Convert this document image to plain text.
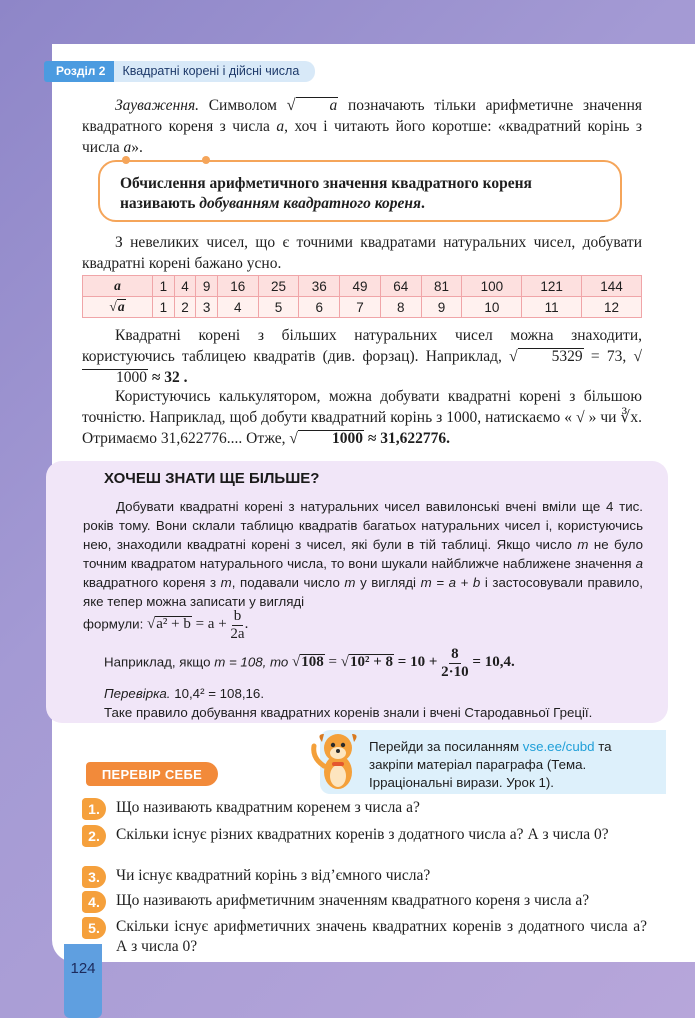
124
Розділ 2	Квадратні корені і дійсні числа
Зауваження. Символом √ a позначають тільки арифметичне значення квадратного кореня з числа a, хоч і читають його коротше: «квадратний корінь з числа a».
Обчислення арифметичного значення квадратного кореня називають добуванням квадратного кореня.
З невеликих чисел, що є точними квадратами натуральних чисел, добувати квадратні корені бажано усно.
a	1	4	9	16	25	36	49	64	81	100	121	144
√a	1	2	3	4	5	6	7	8	9	10	11	12
Квадратні корені з більших натуральних чисел можна знаходити, користуючись таблицею квадратів (див. форзац). Наприклад, √ 5329 = 73, √1000 ≈ 32 .
Користуючись калькулятором, можна добувати квадратні корені з більшою точністю. Наприклад, щоб добути квадратний корінь з 1000, натискаємо « √ » чи ∛x. Отримаємо 31,622776.... Отже, √ 1000 ≈ 31,622776.
ХОЧЕШ ЗНАТИ ЩЕ БІЛЬШЕ?
Добувати квадратні корені з натуральних чисел вавилонські вчені вміли ще 4 тис. років тому. Вони склали таблицю квадратів багатьох натуральних чисел і, користуючись нею, знаходили квадратні корені з чисел, які були в тій таблиці. Якщо число m не було точним квадратом натурального числа, то вони шукали найближче наближене значення a квадратного кореня з m, подавали число m у вигляді m = a + b і застосовували правило, яке тепер можна записати у вигляді
формули: $√a^2 + b = a + \frac{b}{2a}$ .
Наприклад, якщо m = 108, то $√108 = √10^2 + 8 = 10 + \frac{8}{2\cdot 10} = 10,4$.
Перевірка. 10,4² = 108,16.
Таке правило добування квадратних коренів знали і вчені Стародавньої Греції.
Перейди за посиланням vse.ee/cubd та закріпи матеріал параграфа (Тема. Ірраціональні вирази. Урок 1).
ПЕРЕВІР СЕБЕ
1.	Що називають квадратним коренем з числа a?
2.	Скільки існує різних квадратних коренів з додатного числа a? А з числа 0?
3.	Чи існує квадратний корінь з від’ємного числа?
4.	Що називають арифметичним значенням квадратного кореня з числа a?
5.	Скільки існує арифметичних значень квадратних коренів з додатного числа a? А з числа 0?
